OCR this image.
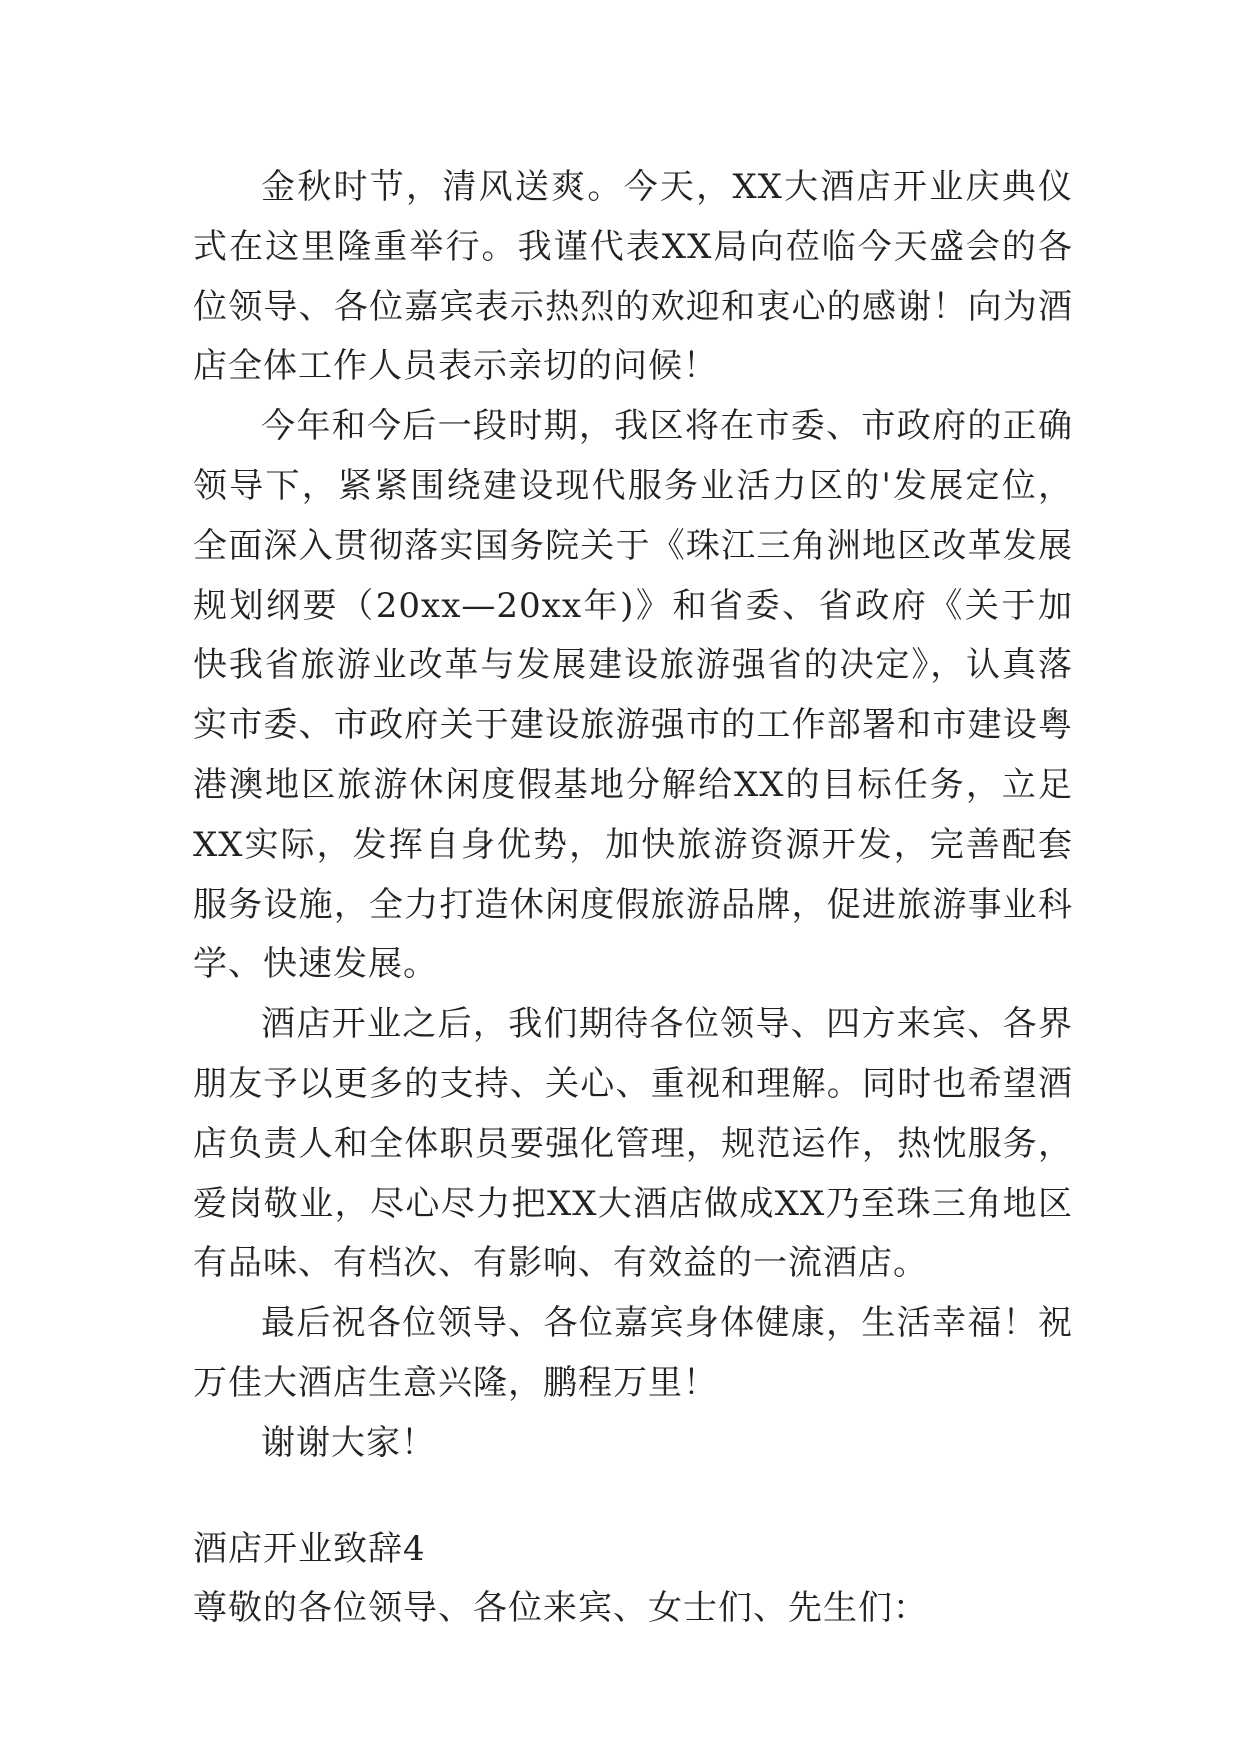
金秋时节，清风送爽。今天，XX大酒店开业庆典仪式在这里隆重举行。我谨代表XX局向莅临今天盛会的各位领导、各位嘉宾表示热烈的欢迎和衷心的感谢！向为酒店全体工作人员表示亲切的问候！

今年和今后一段时期，我区将在市委、市政府的正确领导下，紧紧围绕建设现代服务业活力区的'发展定位，全面深入贯彻落实国务院关于《珠江三角洲地区改革发展规划纲要（20xx—20xx年)》和省委、省政府《关于加快我省旅游业改革与发展建设旅游强省的决定》，认真落实市委、市政府关于建设旅游强市的工作部署和市建设粤港澳地区旅游休闲度假基地分解给XX的目标任务，立足XX实际，发挥自身优势，加快旅游资源开发，完善配套服务设施，全力打造休闲度假旅游品牌，促进旅游事业科学、快速发展。

酒店开业之后，我们期待各位领导、四方来宾、各界朋友予以更多的支持、关心、重视和理解。同时也希望酒店负责人和全体职员要强化管理，规范运作，热忱服务，爱岗敬业，尽心尽力把XX大酒店做成XX乃至珠三角地区有品味、有档次、有影响、有效益的一流酒店。

最后祝各位领导、各位嘉宾身体健康，生活幸福！祝万佳大酒店生意兴隆，鹏程万里！

谢谢大家！

酒店开业致辞4

尊敬的各位领导、各位来宾、女士们、先生们：
